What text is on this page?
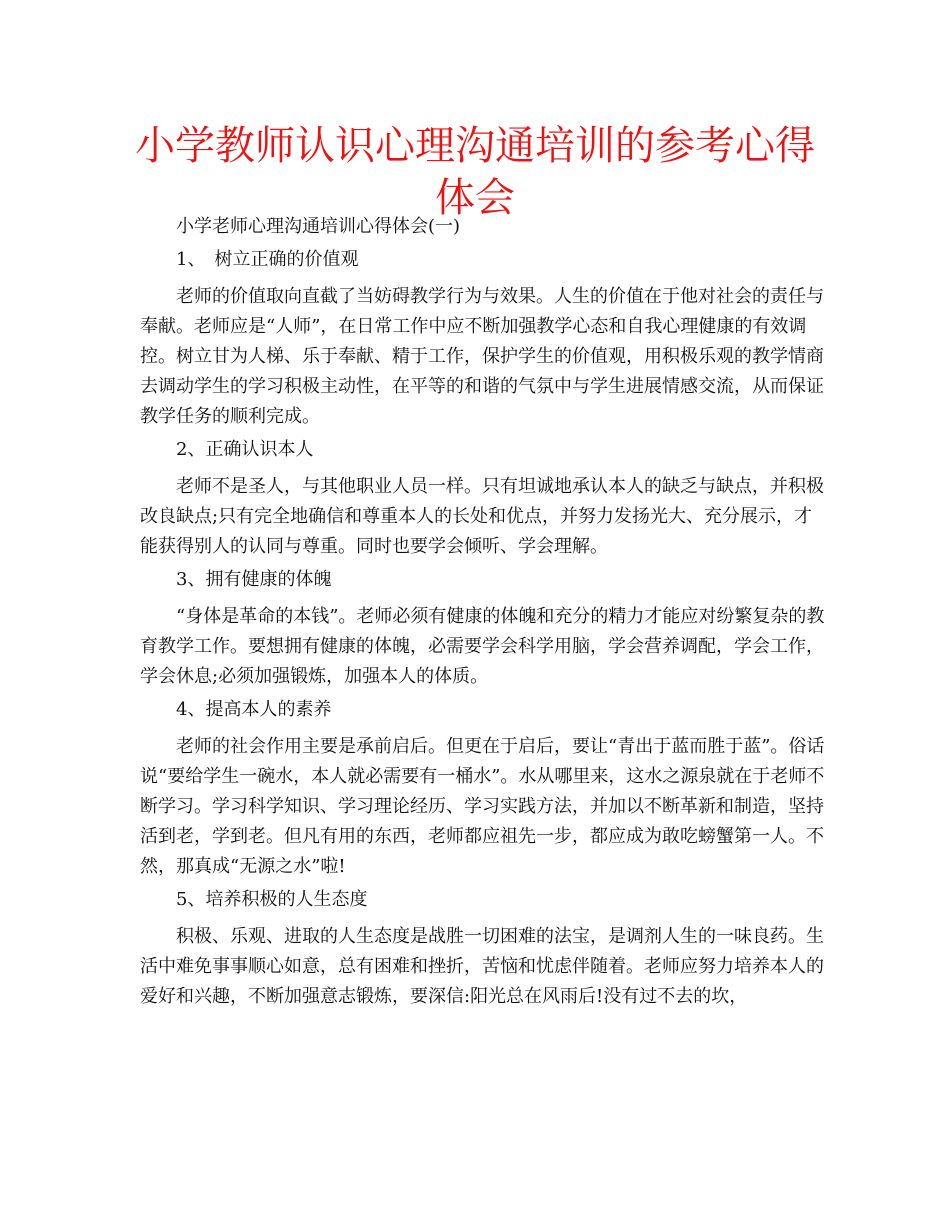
小学教师认识心理沟通培训的参考心得体会

小学老师心理沟通培训心得体会(一)

1、　树立正确的价值观

老师的价值取向直截了当妨碍教学行为与效果。人生的价值在于他对社会的责任与奉献。老师应是“人师”，在日常工作中应不断加强教学心态和自我心理健康的有效调控。树立甘为人梯、乐于奉献、精于工作，保护学生的价值观，用积极乐观的教学情商去调动学生的学习积极主动性，在平等的和谐的气氛中与学生进展情感交流，从而保证教学任务的顺利完成。

2、正确认识本人

老师不是圣人，与其他职业人员一样。只有坦诚地承认本人的缺乏与缺点，并积极改良缺点;只有完全地确信和尊重本人的长处和优点，并努力发扬光大、充分展示，才能获得别人的认同与尊重。同时也要学会倾听、学会理解。

3、拥有健康的体魄

“身体是革命的本钱”。老师必须有健康的体魄和充分的精力才能应对纷繁复杂的教育教学工作。要想拥有健康的体魄，必需要学会科学用脑，学会营养调配，学会工作，学会休息;必须加强锻炼，加强本人的体质。

4、提高本人的素养

老师的社会作用主要是承前启后。但更在于启后，要让“青出于蓝而胜于蓝”。俗话说“要给学生一碗水，本人就必需要有一桶水”。水从哪里来，这水之源泉就在于老师不断学习。学习科学知识、学习理论经历、学习实践方法，并加以不断革新和制造，坚持活到老，学到老。但凡有用的东西，老师都应祖先一步，都应成为敢吃螃蟹第一人。不然，那真成“无源之水”啦!

5、培养积极的人生态度

积极、乐观、进取的人生态度是战胜一切困难的法宝，是调剂人生的一味良药。生活中难免事事顺心如意，总有困难和挫折，苦恼和忧虑伴随着。老师应努力培养本人的爱好和兴趣，不断加强意志锻炼，要深信:阳光总在风雨后!没有过不去的坎，
